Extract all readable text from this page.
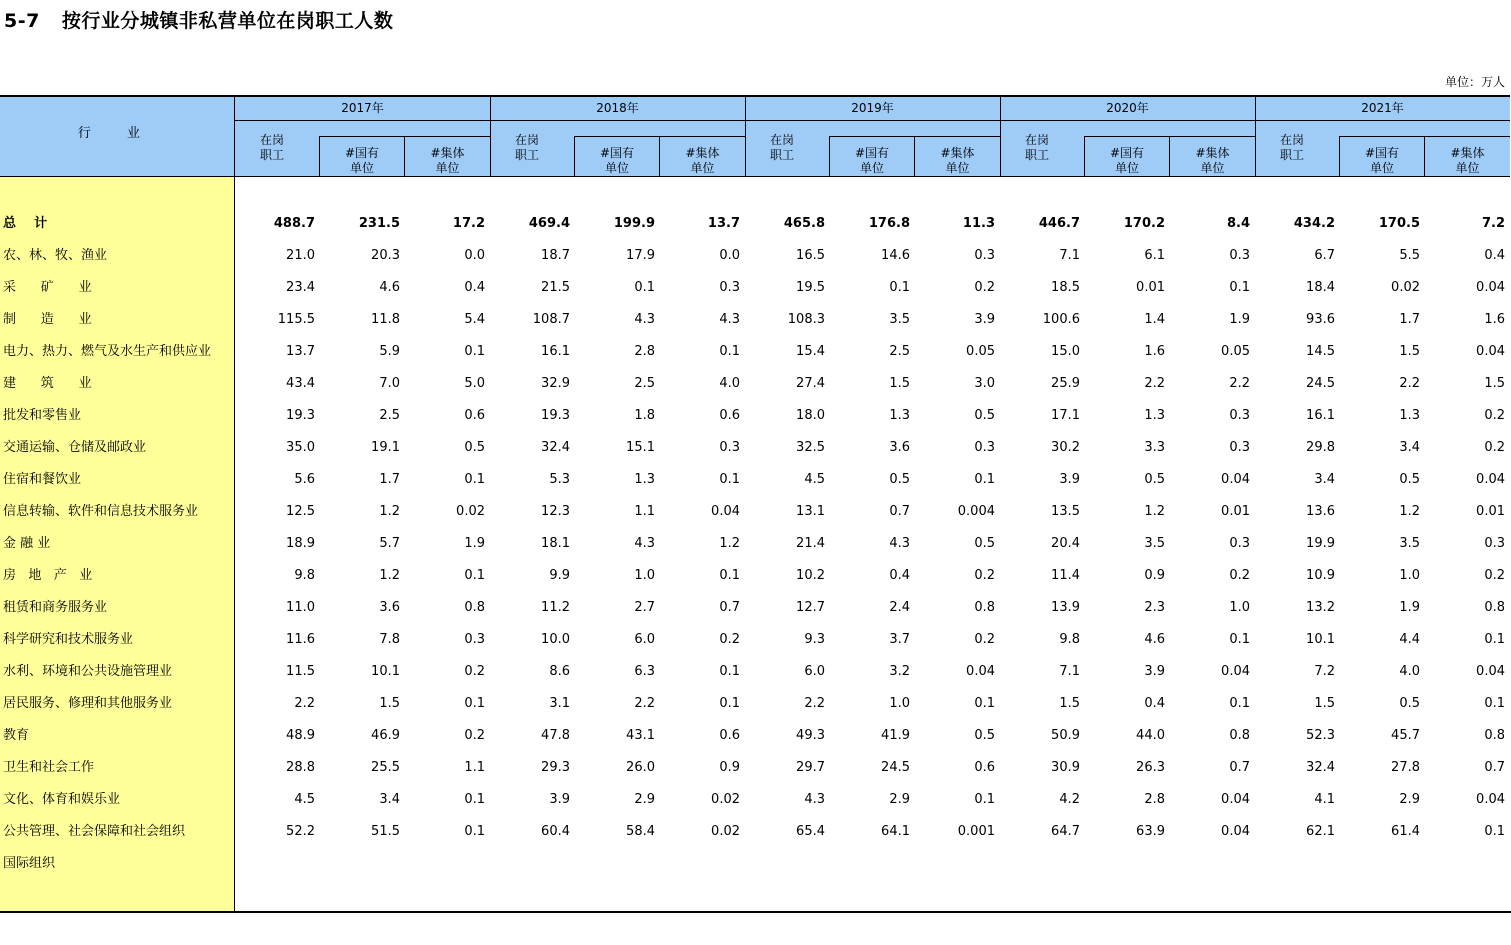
5-7 按行业分城镇非私营单位在岗职工人数
单位：万人
行 业
2017年
在岗
职工	#国有
单位
#集体
单位
2018年
在岗
职工	#国有
单位
#集体
单位
2019年
在岗
职工	#国有
单位
#集体
单位
2020年
在岗
职工	#国有
单位
#集体
单位
2021年
在岗
职工	#国有
单位
#集体
单位
总    计	488.7	231.5	17.2	469.4	199.9	13.7	465.8	176.8	11.3	446.7	170.2	8.4	434.2	170.5	7.2
农、林、牧、渔业	21.0	20.3	0.0	18.7	17.9	0.0	16.5	14.6	0.3	7.1	6.1	0.3	6.7	5.5	0.4
采      矿      业	23.4	4.6	0.4	21.5	0.1	0.3	19.5	0.1	0.2	18.5	0.01	0.1	18.4	0.02	0.04
制      造      业	115.5	11.8	5.4	108.7	4.3	4.3	108.3	3.5	3.9	100.6	1.4	1.9	93.6	1.7	1.6
电力、热力、燃气及水生产和供应业	13.7	5.9	0.1	16.1	2.8	0.1	15.4	2.5	0.05	15.0	1.6	0.05	14.5	1.5	0.04
建      筑      业	43.4	7.0	5.0	32.9	2.5	4.0	27.4	1.5	3.0	25.9	2.2	2.2	24.5	2.2	1.5
批发和零售业	19.3	2.5	0.6	19.3	1.8	0.6	18.0	1.3	0.5	17.1	1.3	0.3	16.1	1.3	0.2
交通运输、仓储及邮政业	35.0	19.1	0.5	32.4	15.1	0.3	32.5	3.6	0.3	30.2	3.3	0.3	29.8	3.4	0.2
住宿和餐饮业	5.6	1.7	0.1	5.3	1.3	0.1	4.5	0.5	0.1	3.9	0.5	0.04	3.4	0.5	0.04
信息转输、软件和信息技术服务业	12.5	1.2	0.02	12.3	1.1	0.04	13.1	0.7	0.004	13.5	1.2	0.01	13.6	1.2	0.01
金 融 业	18.9	5.7	1.9	18.1	4.3	1.2	21.4	4.3	0.5	20.4	3.5	0.3	19.9	3.5	0.3
房   地   产   业	9.8	1.2	0.1	9.9	1.0	0.1	10.2	0.4	0.2	11.4	0.9	0.2	10.9	1.0	0.2
租赁和商务服务业	11.0	3.6	0.8	11.2	2.7	0.7	12.7	2.4	0.8	13.9	2.3	1.0	13.2	1.9	0.8
科学研究和技术服务业	11.6	7.8	0.3	10.0	6.0	0.2	9.3	3.7	0.2	9.8	4.6	0.1	10.1	4.4	0.1
水利、环境和公共设施管理业	11.5	10.1	0.2	8.6	6.3	0.1	6.0	3.2	0.04	7.1	3.9	0.04	7.2	4.0	0.04
居民服务、修理和其他服务业	2.2	1.5	0.1	3.1	2.2	0.1	2.2	1.0	0.1	1.5	0.4	0.1	1.5	0.5	0.1
教育	48.9	46.9	0.2	47.8	43.1	0.6	49.3	41.9	0.5	50.9	44.0	0.8	52.3	45.7	0.8
卫生和社会工作	28.8	25.5	1.1	29.3	26.0	0.9	29.7	24.5	0.6	30.9	26.3	0.7	32.4	27.8	0.7
文化、体育和娱乐业	4.5	3.4	0.1	3.9	2.9	0.02	4.3	2.9	0.1	4.2	2.8	0.04	4.1	2.9	0.04
公共管理、社会保障和社会组织	52.2	51.5	0.1	60.4	58.4	0.02	65.4	64.1	0.001	64.7	63.9	0.04	62.1	61.4	0.1
国际组织
